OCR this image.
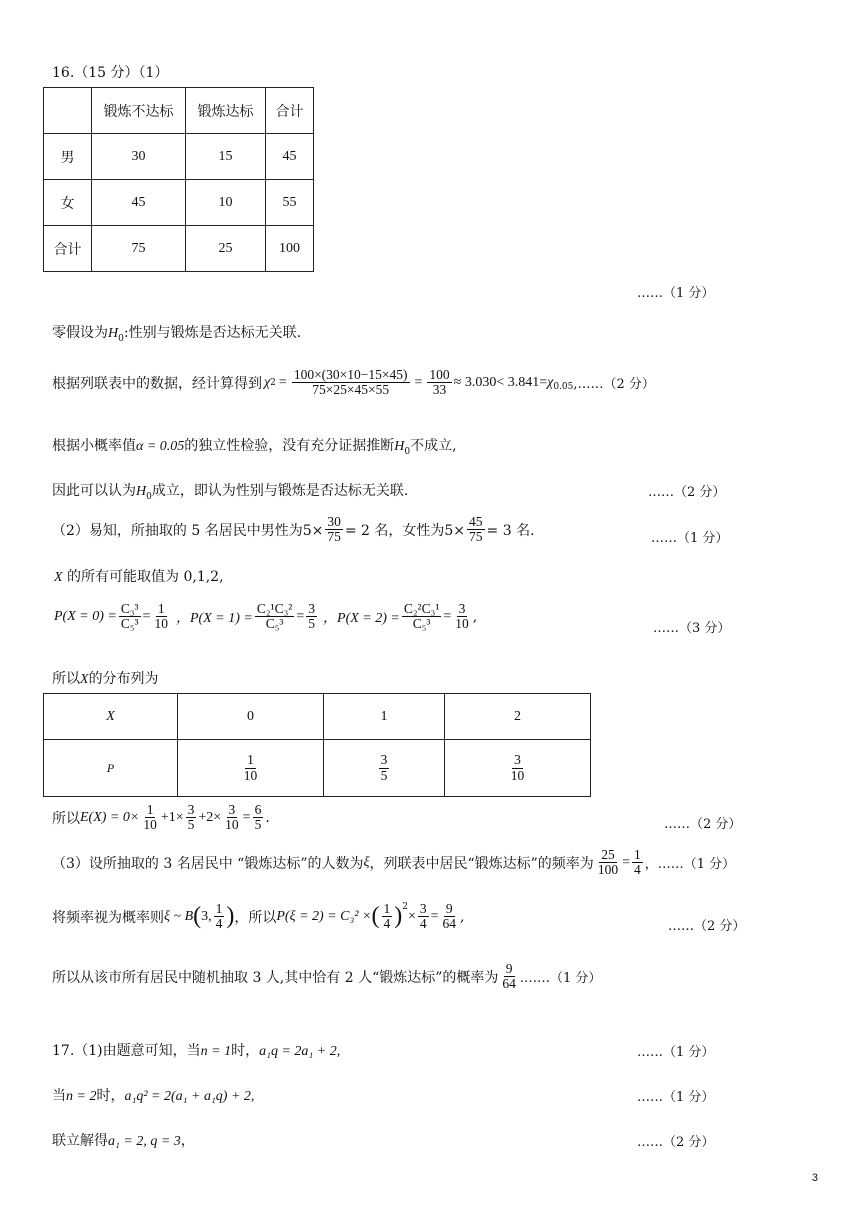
16.（15 分）（1）
	锻炼不达标	锻炼达标	合计
男	30	15	45
女	45	10	55
合计	75	25	100
……（1 分）
零假设为$H_0$:性别与锻炼是否达标无关联.
根据列联表中的数据，经计算得到 χ $2 = \frac{100\times(30\times 10-15\times 45)}{75\times 25\times 45\times 55} = \frac{100}{33} \approx 3.030< 3.841= \chi_{0.05}$ ,……（2 分）
根据小概率值α = 0.05的独立性检验，没有充分证据推断$H_0$不成立,
因此可以认为$H_0$成立，即认为性别与锻炼是否达标无关联.	……（2 分）
（2）易知，所抽取的 5 名居民中男性为$5\times \frac{30}{75} = 2$ 名，女性为$5\times \frac{45}{75} = 3$ 名.	……（1 分）
X 的所有可能取值为 0,1,2,
$P(X = 0) = \frac{\text{C₃³}}{\text{C₅³}} = \frac{1}{10}$ ，$P(X = 1) = \frac{\text{C₂¹C₃²}}{\text{C₅³}} = \frac{3}{5}$ ，$P(X = 2) = \frac{\text{C₂²C₃¹}}{\text{C₅³}} = \frac{3}{10}$ ,
……（3 分）
所以X的分布列为
X	0	1	2
P	$\frac{1}{10}$	$\frac{3}{5}$	$\frac{3}{10}$
所以 $E(X) = 0\times \frac{1}{10} +1\times \frac{3}{5} +2\times \frac{3}{10} = \frac{6}{5}$ .	……（2 分）
（3）设所抽取的 3 名居民中 “锻炼达标”的人数为 ξ ，列联表中居民“锻炼达标”的频率为 $\frac{25}{100} = \frac{1}{4}$ ，……（1 分）
将频率视为概率则 ξ ~ B ( 3, $\frac{1}{4}$ ) ，所以 P(ξ = 2) = C₃² × ( $\frac{1}{4} )^2$
× $\frac{3}{4} = \frac{9}{64}$ ,
……（2 分）
所以从该市所有居民中随机抽取 3 人,其中恰有 2 人“锻炼达标”的概率为 $\frac{9}{64}$ .……（1 分）
17.（1)由题意可知，当n = 1时，a₁q = 2a₁ + 2,	……（1 分）
当n = 2时，a₁q² = 2(a₁ + a₁q) + 2,	……（1 分）
联立解得a₁ = 2, q = 3，	……（2 分）
3
